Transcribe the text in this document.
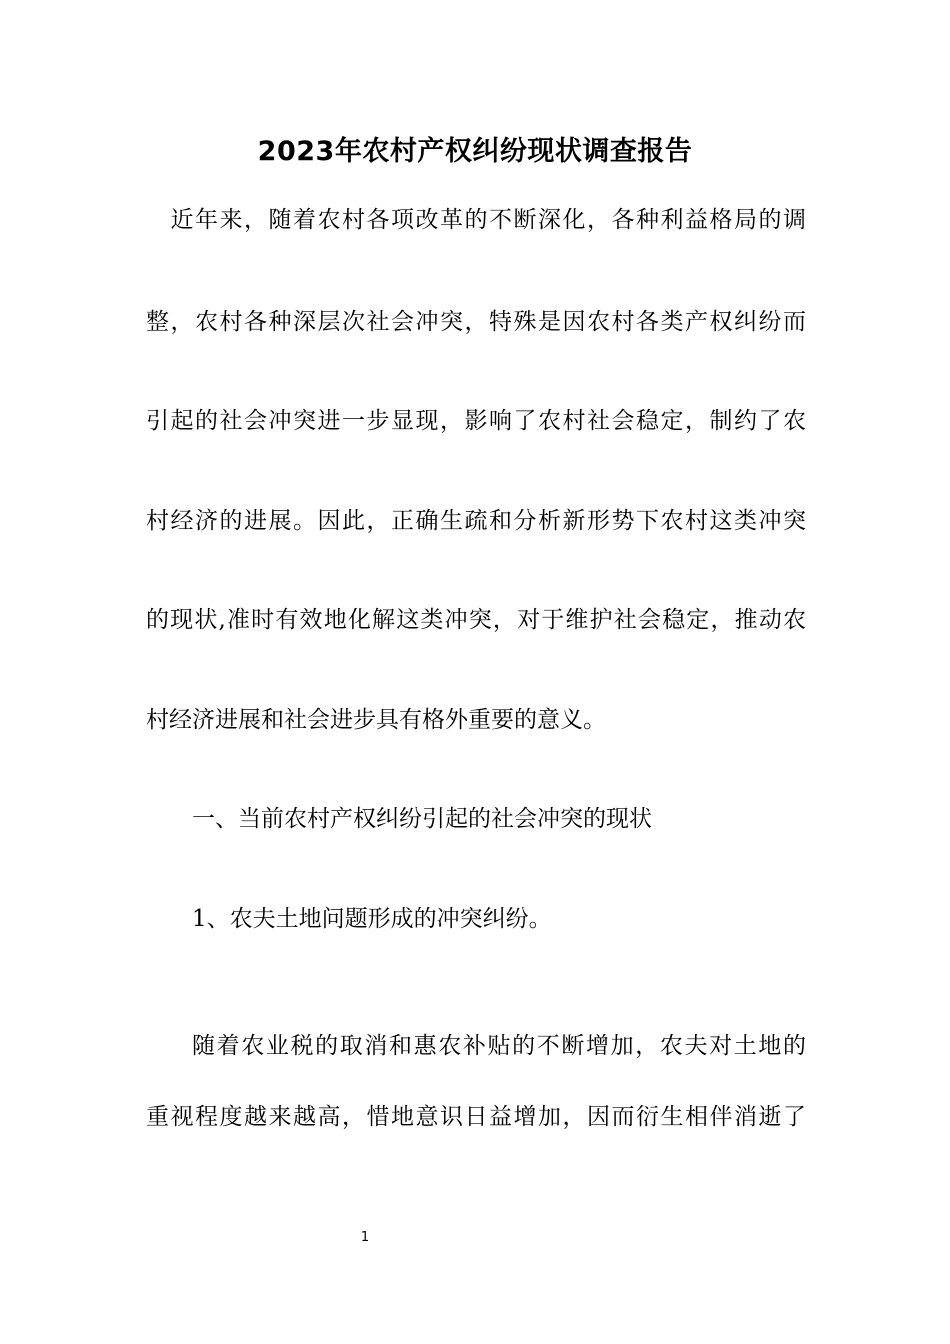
2023年农村产权纠纷现状调查报告
　近年来，随着农村各项改革的不断深化，各种利益格局的调
整，农村各种深层次社会冲突，特殊是因农村各类产权纠纷而
引起的社会冲突进一步显现，影响了农村社会稳定，制约了农
村经济的进展。因此，正确生疏和分析新形势下农村这类冲突
的现状,准时有效地化解这类冲突，对于维护社会稳定，推动农
村经济进展和社会进步具有格外重要的意义。
一、当前农村产权纠纷引起的社会冲突的现状
1、农夫土地问题形成的冲突纠纷。
随着农业税的取消和惠农补贴的不断增加，农夫对土地的
重视程度越来越高，惜地意识日益增加，因而衍生相伴消逝了
1
